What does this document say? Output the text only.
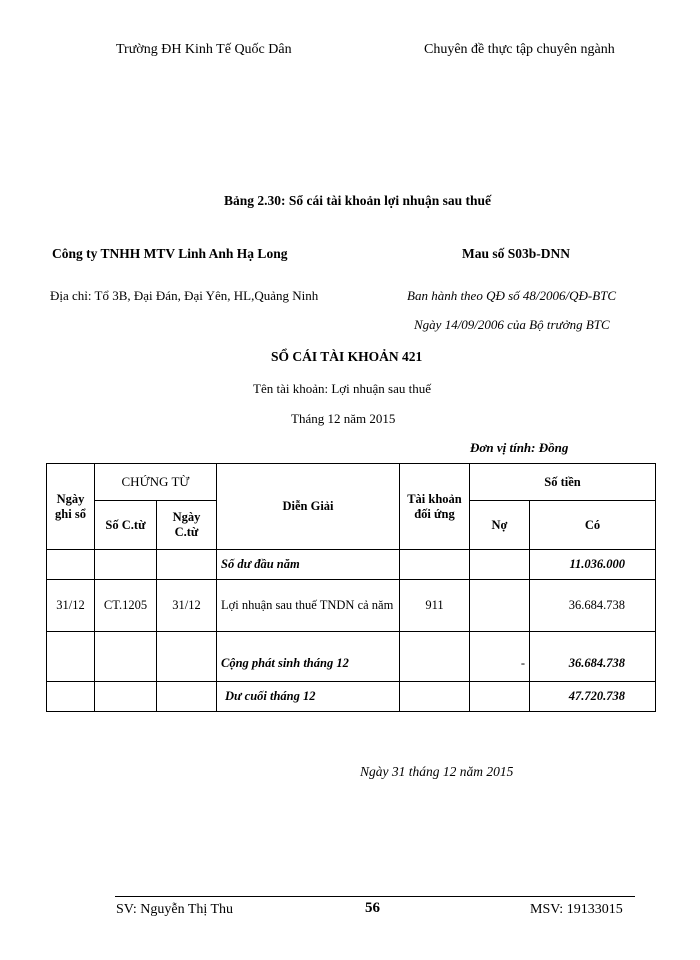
Trường ĐH Kinh Tế Quốc Dân	Chuyên đề thực tập chuyên ngành
Bảng 2.30: Sổ cái tài khoản lợi nhuận sau thuế
Công ty TNHH MTV Linh Anh Hạ Long	Mau số S03b-DNN
Địa chỉ: Tổ 3B, Đại Đán, Đại Yên, HL,Quảng Ninh	Ban hành theo QĐ số 48/2006/QĐ-BTC
Ngày 14/09/2006 của Bộ trưởng BTC
SỔ CÁI TÀI KHOẢN 421
Tên tài khoản: Lợi nhuận sau thuế
Tháng 12 năm 2015
Đơn vị tính: Đồng
Ngày ghi sổ	CHỨNG TỪ		Diễn Giải	Tài khoản đối ứng	Số tiền	
	Số C.từ	Ngày C.từ			Nợ	Có
			Số dư đầu năm			11.036.000
31/12	CT.1205	31/12	Lợi nhuận sau thuế TNDN cả năm	911		36.684.738
			Cộng phát sinh tháng 12		-	36.684.738
			Dư cuối tháng 12			47.720.738
Ngày 31 tháng 12 năm 2015
SV: Nguyễn Thị Thu	56	MSV: 19133015
